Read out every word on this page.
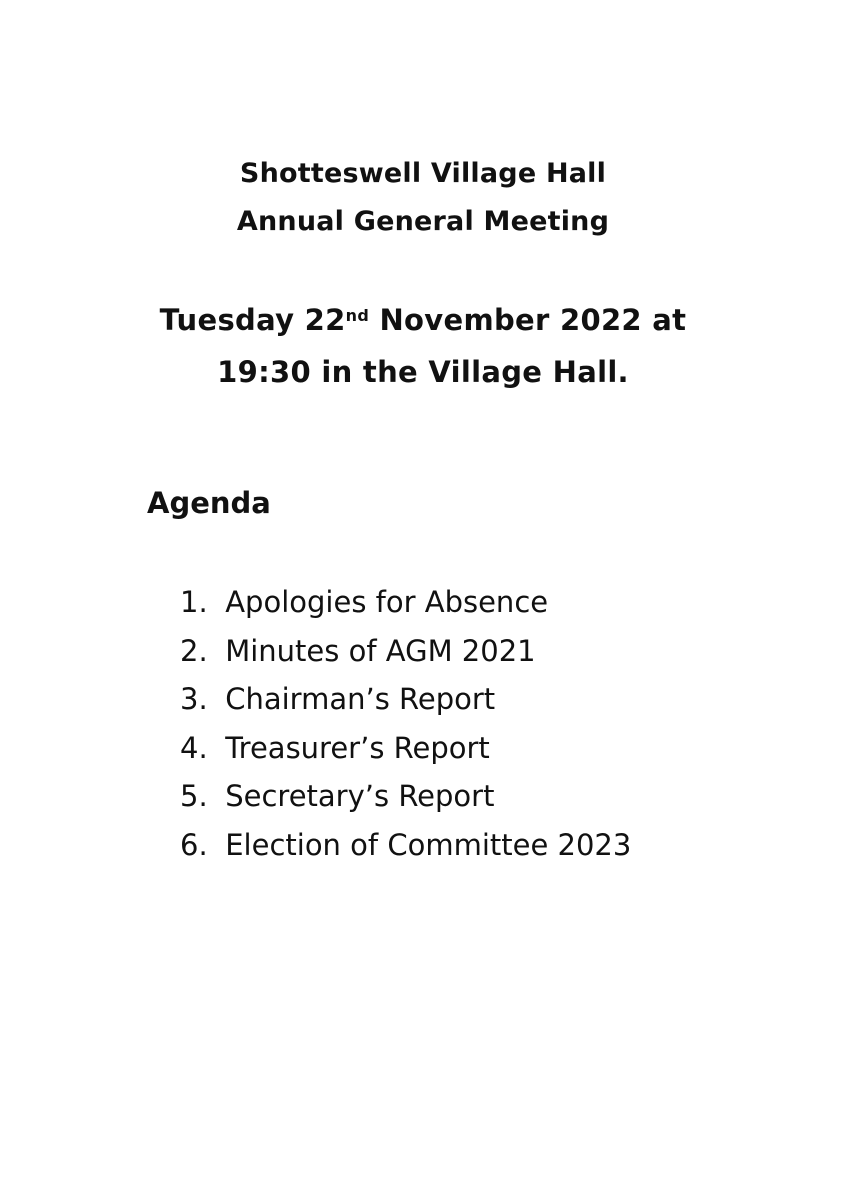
Shotteswell Village Hall
Annual General Meeting
Tuesday 22nd November 2022 at
19:30 in the Village Hall.
Agenda
1. Apologies for Absence
2. Minutes of AGM 2021
3. Chairman’s Report
4. Treasurer’s Report
5. Secretary’s Report
6. Election of Committee 2023
